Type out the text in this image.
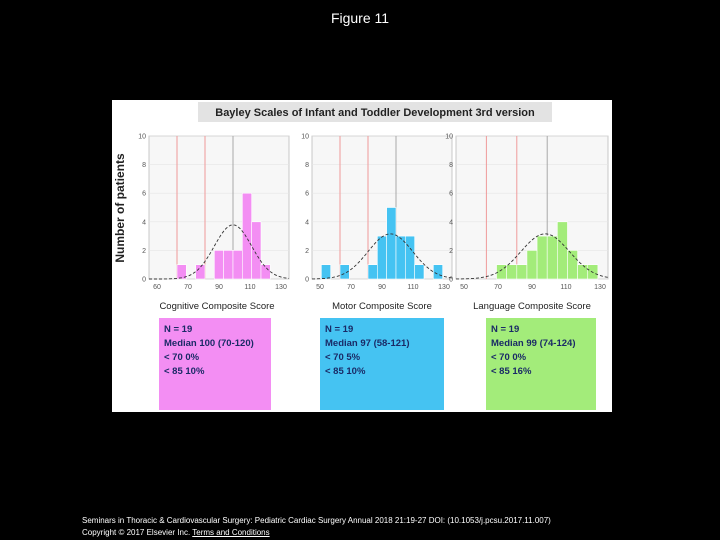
Figure 11
Bayley Scales of Infant and Toddler Development 3rd version
Number of patients
0
2
4
6
8
10
60	70	90	110	130
Cognitive Composite Score
N = 19
Median 100 (70-120)
< 70 0%
< 85 10%
0
2
4
6
8
10
50	70	90	110	130
Motor Composite Score
N = 19
Median 97 (58-121)
< 70 5%
< 85 10%
0
2
4
6
8
10
50	70	90	110	130
Language Composite Score
N = 19
Median 99 (74-124)
< 70 0%
< 85 16%
Seminars in Thoracic & Cardiovascular Surgery: Pediatric Cardiac Surgery Annual 2018 21:19-27 DOI: (10.1053/j.pcsu.2017.11.007)
Copyright © 2017 Elsevier Inc. Terms and Conditions
